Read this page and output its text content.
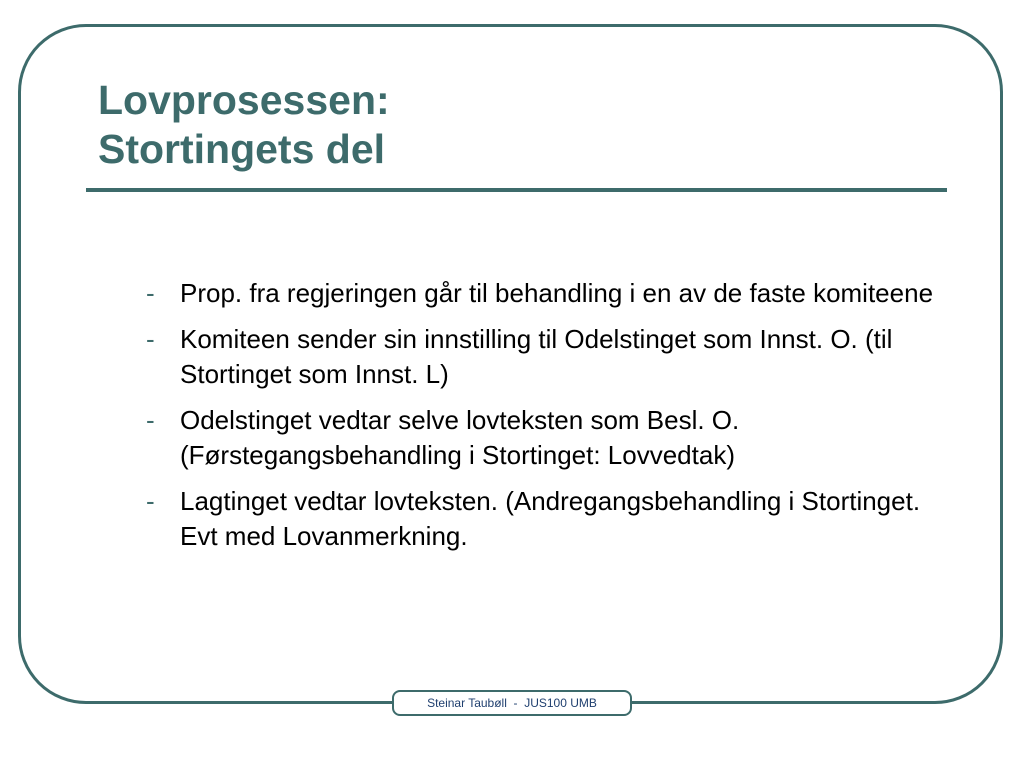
Lovprosessen:
Stortingets del
- Prop. fra regjeringen går til behandling i en av de faste komiteene
- Komiteen sender sin innstilling til Odelstinget som Innst. O. (til Stortinget som Innst. L)
- Odelstinget vedtar selve lovteksten som Besl. O. (Førstegangsbehandling i Stortinget: Lovvedtak)
- Lagtinget vedtar lovteksten. (Andregangsbehandling i Stortinget. Evt med Lovanmerkning.
Steinar Taubøll  -  JUS100 UMB
